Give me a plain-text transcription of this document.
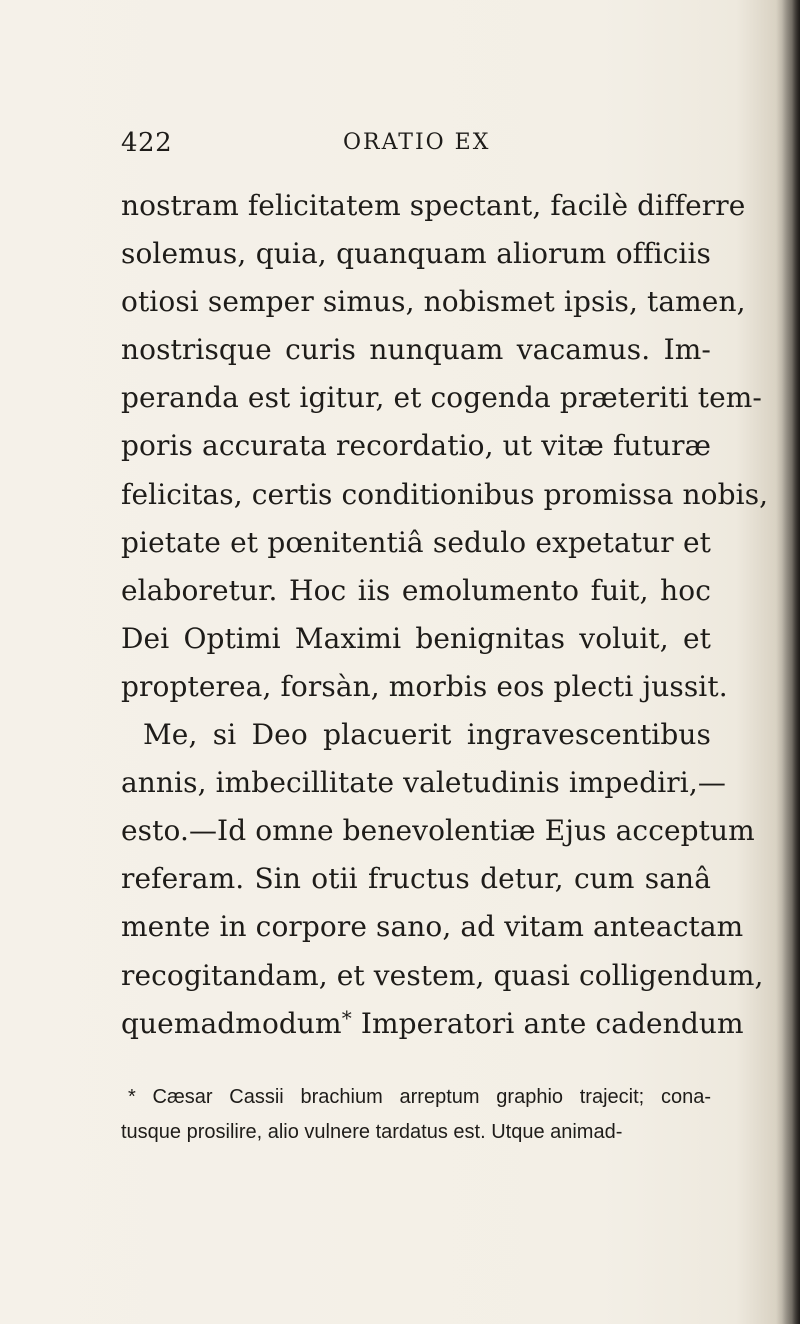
422	ORATIO EX
nostram felicitatem spectant, facilè differre
solemus, quia, quanquam aliorum officiis
otiosi semper simus, nobismet ipsis, tamen,
nostrisque curis nunquam vacamus. Im-
peranda est igitur, et cogenda præteriti tem-
poris accurata recordatio, ut vitæ futuræ
felicitas, certis conditionibus promissa nobis,
pietate et pœnitentiâ sedulo expetatur et
elaboretur. Hoc iis emolumento fuit, hoc
Dei Optimi Maximi benignitas voluit, et
propterea, forsàn, morbis eos plecti jussit.
Me, si Deo placuerit ingravescentibus
annis, imbecillitate valetudinis impediri,—
esto.—Id omne benevolentiæ Ejus acceptum
referam. Sin otii fructus detur, cum sanâ
mente in corpore sano, ad vitam anteactam
recogitandam, et vestem, quasi colligendum,
quemadmodum* Imperatori ante cadendum
* Cæsar Cassii brachium arreptum graphio trajecit; cona-
tusque prosilire, alio vulnere tardatus est. Utque animad-
